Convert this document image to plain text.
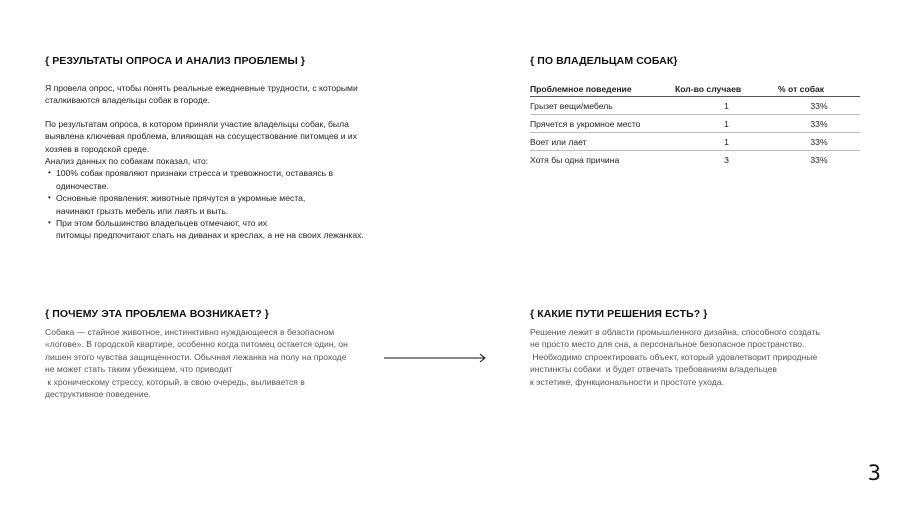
{ РЕЗУЛЬТАТЫ ОПРОСА И АНАЛИЗ ПРОБЛЕМЫ }
Я провела опрос, чтобы понять реальные ежедневные трудности, с которыми
сталкиваются владельцы собак в городе.
По результатам опроса, в котором приняли участие владельцы собак, была
выявлена ключевая проблема, влияющая на сосуществование питомцев и их
хозяев в городской среде.
Анализ данных по собакам показал, что:
• 100% собак проявляют признаки стресса и тревожности, оставаясь в
одиночестве.
• Основные проявления: животные прячутся в укромные места,
начинают грызть мебель или лаять и выть.
• При этом большинство владельцев отмечают, что их
питомцы предпочитают спать на диванах и креслах, а не на своих лежанках.
{ ПО ВЛАДЕЛЬЦАМ СОБАК}
Проблемное поведение	Кол-во случаев	% от собак
Грызет вещи/мебель	1	33%
Прячется в укромное место	1	33%
Воет или лает	1	33%
Хотя бы одна причина	3	33%
{ ПОЧЕМУ ЭТА ПРОБЛЕМА ВОЗНИКАЕТ? }
Собака — стайное животное, инстинктивно нуждающееся в безопасном
«логове». В городской квартире, особенно когда питомец остается один, он
лишен этого чувства защищенности. Обычная лежанка на полу на проходе
не может стать таким убежищем, что приводит
к хроническому стрессу, который, в свою очередь, выливается в
деструктивное поведение.
{ КАКИЕ ПУТИ РЕШЕНИЯ ЕСТЬ? }
Решение лежит в области промышленного дизайна, способного создать
не просто место для сна, а персональное безопасное пространство.
Необходимо спроектировать объект, который удовлетворит природные
инстинкты собаки  и будет отвечать требованиям владельцев
к эстетике, функциональности и простоте ухода.
3
